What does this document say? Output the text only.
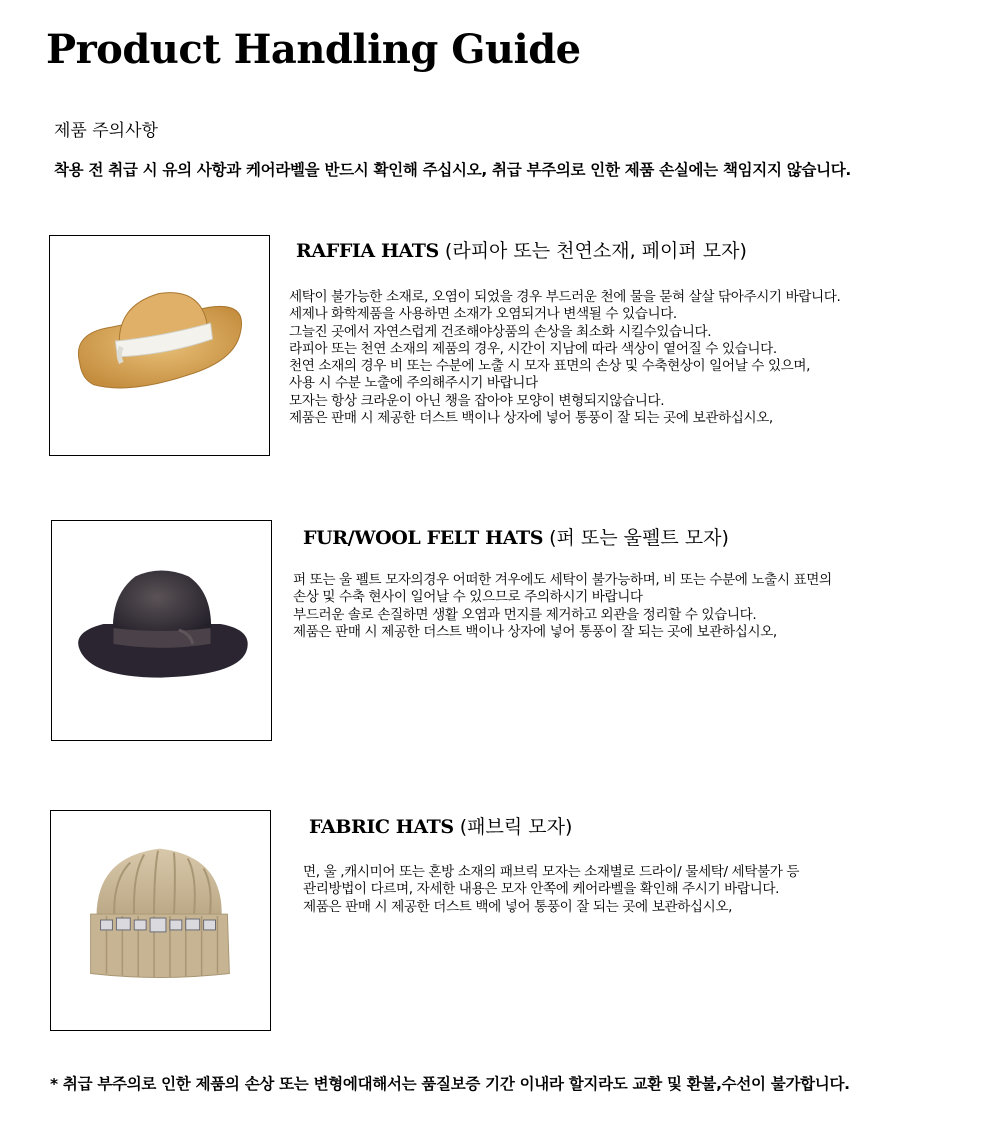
Product Handling Guide
제품 주의사항
착용 전 취급 시 유의 사항과 케어라벨을 반드시 확인해 주십시오, 취급 부주의로 인한 제품 손실에는 책임지지 않습니다.
RAFFIA HATS (라피아 또는 천연소재, 페이퍼 모자)
세탁이 불가능한 소재로, 오염이 되었을 경우 부드러운 천에 물을 묻혀 살살 닦아주시기 바랍니다.
세제나 화학제품을 사용하면 소재가 오염되거나 변색될 수 있습니다.
그늘진 곳에서 자연스럽게 건조해야상품의 손상을 최소화 시킬수있습니다.
라피아 또는 천연 소재의 제품의 경우, 시간이 지남에 따라 색상이 옅어질 수 있습니다.
천연 소재의 경우 비 또는 수분에 노출 시 모자 표면의 손상 및 수축현상이 일어날 수 있으며,
사용 시 수분 노출에 주의해주시기 바랍니다
모자는 항상 크라운이 아닌 챙을 잡아야 모양이 변형되지않습니다.
제품은 판매 시 제공한 더스트 백이나 상자에 넣어 통풍이 잘 되는 곳에 보관하십시오,
FUR/WOOL FELT HATS (퍼 또는 울펠트 모자)
퍼 또는 울 펠트 모자의경우 어떠한 겨우에도 세탁이 불가능하며, 비 또는 수분에 노출시 표면의
손상 및 수축 현사이 일어날 수 있으므로 주의하시기 바랍니다
부드러운 솔로 손질하면 생활 오염과 먼지를 제거하고 외관을 정리할 수 있습니다.
제품은 판매 시 제공한 더스트 백이나 상자에 넣어 통풍이 잘 되는 곳에 보관하십시오,
FABRIC HATS (패브릭 모자)
면, 울 ,캐시미어 또는 혼방 소재의 패브릭 모자는 소재별로 드라이/ 물세탁/ 세탁불가 등
관리방법이 다르며, 자세한 내용은 모자 안쪽에 케어라벨을 확인해 주시기 바랍니다.
제품은 판매 시 제공한 더스트 백에 넣어 통풍이 잘 되는 곳에 보관하십시오,
* 취급 부주의로 인한 제품의 손상 또는 변형에대해서는 품질보증 기간 이내라 할지라도 교환 및 환불,수선이 불가합니다.
